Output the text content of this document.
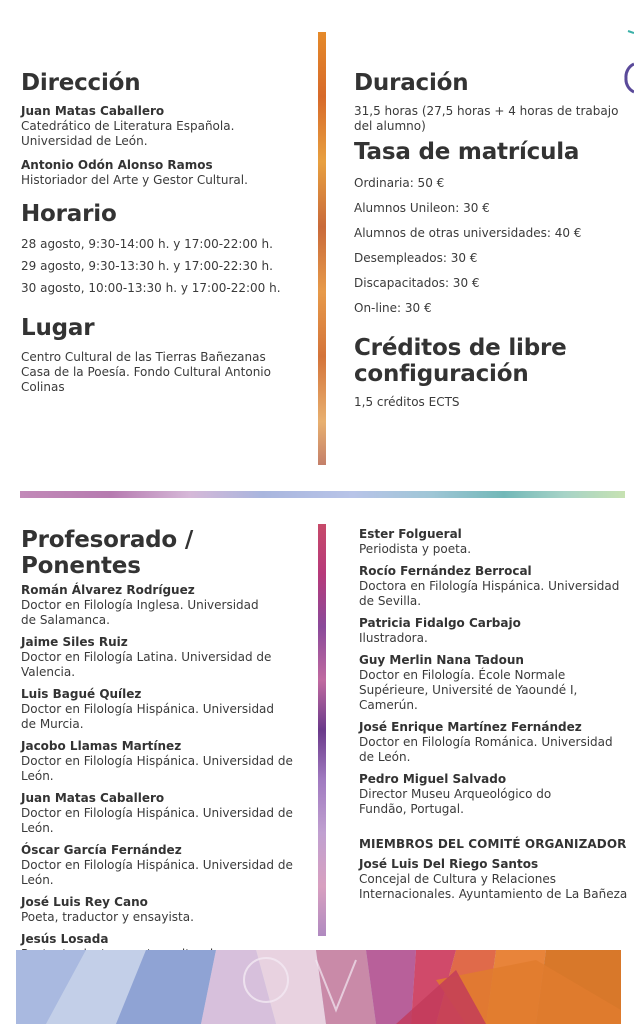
Dirección
Juan Matas Caballero
Catedrático de Literatura Española. Universidad de León.
Antonio Odón Alonso Ramos
Historiador del Arte y Gestor Cultural.
Horario
28 agosto, 9:30-14:00 h. y 17:00-22:00 h.
29 agosto, 9:30-13:30 h. y 17:00-22:30 h.
30 agosto, 10:00-13:30 h. y 17:00-22:00 h.
Lugar
Centro Cultural de las Tierras Bañezanas
Casa de la Poesía. Fondo Cultural Antonio Colinas
Duración
31,5 horas (27,5 horas + 4 horas de trabajo del alumno)
Tasa de matrícula
Ordinaria: 50 €
Alumnos Unileon: 30 €
Alumnos de otras universidades: 40 €
Desempleados: 30 €
Discapacitados: 30 €
On-line: 30 €
Créditos de libre configuración
1,5 créditos ECTS
Profesorado / Ponentes
Román Álvarez Rodríguez
Doctor en Filología Inglesa. Universidad de Salamanca.
Jaime Siles Ruiz
Doctor en Filología Latina. Universidad de Valencia.
Luis Bagué Quílez
Doctor en Filología Hispánica. Universidad de Murcia.
Jacobo Llamas Martínez
Doctor en Filología Hispánica. Universidad de León.
Juan Matas Caballero
Doctor en Filología Hispánica. Universidad de León.
Óscar García Fernández
Doctor en Filología Hispánica. Universidad de León.
José Luis Rey Cano
Poeta, traductor y ensayista.
Jesús Losada
Ester Folgueral
Periodista y poeta.
Rocío Fernández Berrocal
Doctora en Filología Hispánica. Universidad de Sevilla.
Patricia Fidalgo Carbajo
Ilustradora.
Guy Merlin Nana Tadoun
Doctor en Filología. École Normale Supérieure, Université de Yaoundé I, Camerún.
José Enrique Martínez Fernández
Doctor en Filología Románica. Universidad de León.
Pedro Miguel Salvado
Director Museu Arqueológico do Fundão, Portugal.
MIEMBROS DEL COMITÉ ORGANIZADOR
José Luis Del Riego Santos
Concejal de Cultura y Relaciones Internacionales. Ayuntamiento de La Bañeza
